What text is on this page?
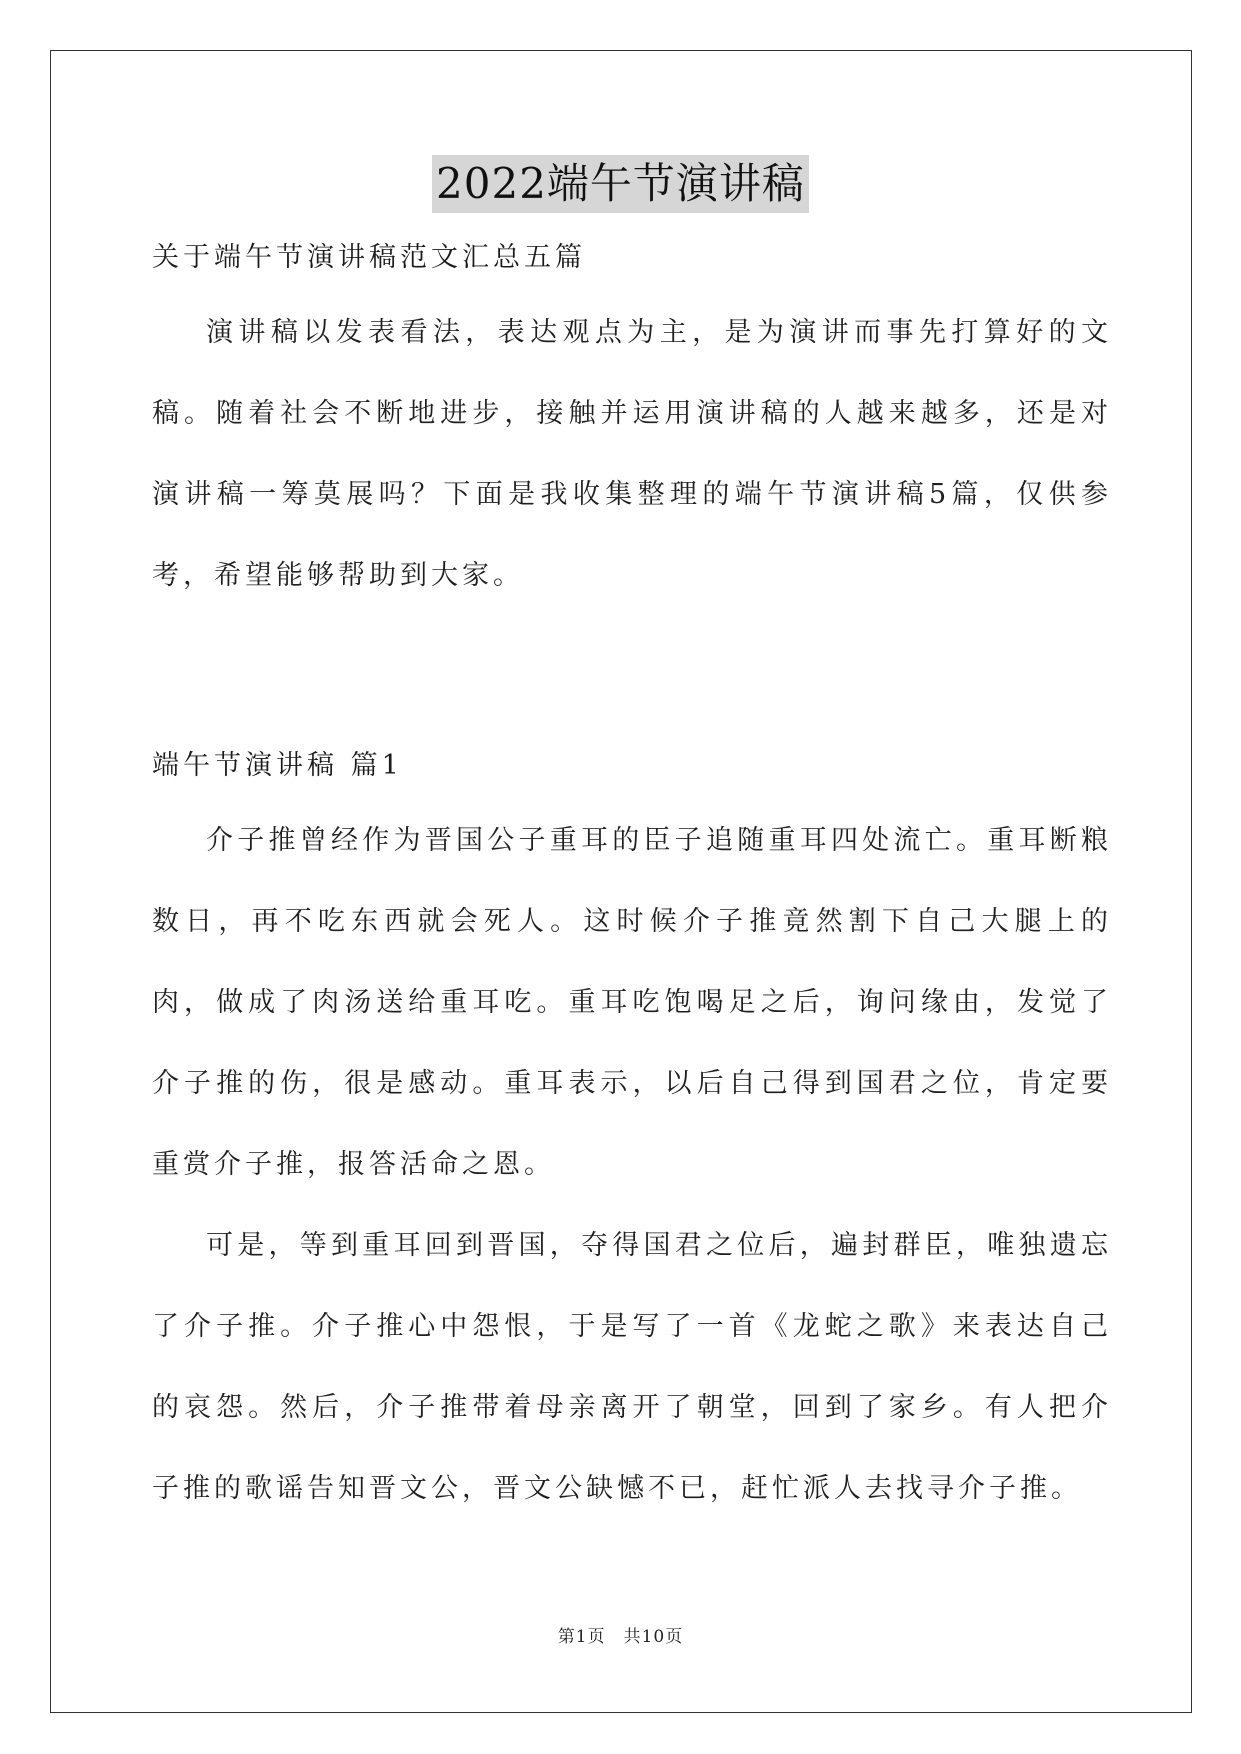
2022端午节演讲稿
关于端午节演讲稿范文汇总五篇

演讲稿以发表看法，表达观点为主，是为演讲而事先打算好的文稿。随着社会不断地进步，接触并运用演讲稿的人越来越多，还是对演讲稿一筹莫展吗？下面是我收集整理的端午节演讲稿5篇，仅供参考，希望能够帮助到大家。

端午节演讲稿 篇1

介子推曾经作为晋国公子重耳的臣子追随重耳四处流亡。重耳断粮数日，再不吃东西就会死人。这时候介子推竟然割下自己大腿上的肉，做成了肉汤送给重耳吃。重耳吃饱喝足之后，询问缘由，发觉了介子推的伤，很是感动。重耳表示，以后自己得到国君之位，肯定要重赏介子推，报答活命之恩。

可是，等到重耳回到晋国，夺得国君之位后，遍封群臣，唯独遗忘了介子推。介子推心中怨恨，于是写了一首《龙蛇之歌》来表达自己的哀怨。然后，介子推带着母亲离开了朝堂，回到了家乡。有人把介子推的歌谣告知晋文公，晋文公缺憾不已，赶忙派人去找寻介子推。

第1页　共10页
